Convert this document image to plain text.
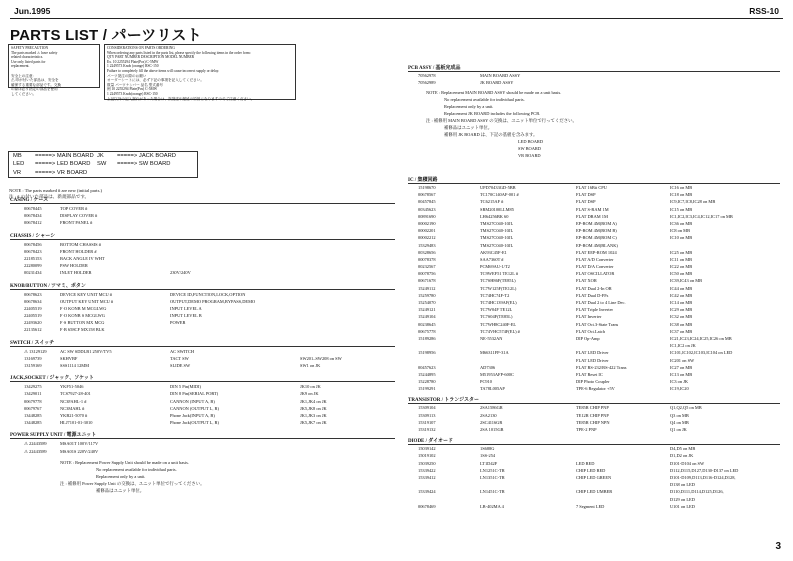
Jun.1995	RSS-10
PARTS LIST / パーツリスト
SAFETY PRECAUTION
The parts marked ⚠ have safety
related characteristics.
Use only listed parts for
replacement.

安全上の注意：
⚠ 印が付いた部品は、安全を
確保する重要な部品です。交換
の際は必ず指定の部品を使用
してください。
CONSIDERATIONS ON PARTS ORDERING
When ordering any parts listed in the parts list, please specify the following items in the order form:
QTY PART NUMBER DESCRIPTION MODEL NUMBER
Ex. 10 2255294 Plate(Pos) C-5MW
1 2249573 Knob (orange) RSC-150
Failure to completely fill the above items will cause incorrect supply or delay.
パーツ発注の際のお願い
オーダーシートには、必ず下記の事項を記入してください。
数量 パーツナンバー 品名 型式番号
例 10 2255294 Plate(Pos) C-5MW
1 2249573 Knob(orange) RSC-150
上記以外の記入漏れがあった場合は、誤発送や遅延の原因になりますのでご注意ください。
MB	=====> MAIN BOARD JK	=====> JACK BOARD
LED	=====> LED BOARD	SW	=====> SW BOARD
VR	=====> VR BOARD
NOTE : The parts marked # are new (initial parts.)
注 : # の付いた部品は、新規部品です。
CASING / ケース
00678445	TOP COVER #
00678434	DISPLAY COVER #
00678412	FRONT PANEL #
CHASSIS / シャーシ
00678456	BOTTOM CHASSIS #
00678423	FRONT HOLDER #
22185153	BACK ANGLE IV WHT
22280099	PSW HOLDER
00231434	INLET HOLDER	230V/240V
KNOB/BUTTON / ツマミ、ボタン
00678623	DEVICE KEY UNIT MCU #	DEVICE ID,FUNCTION,LOCK,OPTION
00678634	OUTPUT KEY UNIT MCU #	OUTPUT,DEMO PROGRAM,BYPASS,DEMO
22405519	F·O KONB M MCGLWG	INPUT LEVEL A
22405519	F·O KONB S MCGLWG	INPUT LEVEL B
22493620	F·S BUTTON MX MCG	POWER
22135612	F·B 658CF MX158 BLK
SWITCH / スイッチ
⚠ 13129129	AC SW SDDLB1 250V/TV5	AC SWITCH
13169739	SKHVBF	TACT SW	SW201–SW208 on SW
13159169	SSS1114 12MM	SLIDE SW	SW1 on JK
JACK,SOCKET / ジャック、ソケット
13429275	YKF51-5046	DIN 5 Pin(MIDI)	JK10 on JK
13429011	TCS7927-28-401	DIN 8 Pin(SERIAL PORT)	JK9 on JK
00679778	NC3FAHL-1 #	CANNON (INPUT A, B)	JK1,JK4 on JK
00679767	NC3MAHL #	CANNON (OUTPUT L, R)	JK5,JK8 on JK
13448285	YKB21-5070 #	Phone Jack(INPUT A, B)	JK1,JK3 on JK
13448285	HLJ7101-01-3010	Phone Jack(OUTPUT L, R)	JK5,JK7 on JK
POWER SUPPLY UNIT / 電源ユニット
⚠ 22443589	MSA01T 100V/117V
⚠ 22443589	MSA01S 220V/240V
NOTE : Replacement Power Supply Unit should be made on a unit basis.
No replacement available for individual parts.
Replacement only by a unit.
注 : 補修用 Power Supply Unit の交換は、ユニット単位で行ってください。
補修品はユニット単位。
PCB ASSY / 基板完成品
70562978	MAIN BOARD ASSY
70562989	JK BOARD ASSY
NOTE : Replacement MAIN BOARD ASSY should be made on a unit basis.
No replacement available for individual parts.
Replacement only by a unit.
Replacement JK BOARD includes the following PCB.
注 : 補修用 MAIN BOARD ASSY の交換は、ユニット単位で行ってください。
補修品はユニット単位。
補修用 JK BOARD は、下記の基板を含みます。
LED BOARD
SW BOARD
VR BOARD
IC / 集積回路
15198670	UPD70433GD-5BB	FLAT 16Bit CPU	IC16 on MB
00678567	TC170C140AF-001 #	FLAT DSP	IC18 on MB
00457845	TC6215AF #	FLAT DSP	IC9,IC7,IC8,IC28 on MB
00345623	SRM20100LLM85	FLAT S-RAM 1M	IC15 on MB
00891690	LH64256BK 60	FLAT DRAM 1M	IC1,IC2,IC3,IC4,IC12,IC17 on MB
00002190	TMS27C040-10JL	EP-ROM 4M(ROM A)	IC36 on MB
00002201	TMS27C040-10JL	EP-ROM 4M(ROM B)	IC8 on MB
00002212	TMS27C040-10JL	EP-ROM 4M(ROM C)	IC10 on MB
15329483	TMS27C040-10JL	EP-ROM 4M(BLANK)
00328656	AK93C45F-E1	FLAT EEP-ROM 1024	IC25 on MB
00078378	SAA7360T #	FLAT A/D Converter	IC11 on MB
00232567	PCM69AU-1/T2	FLAT D/A Converter	IC22 on MB
00078756	TC9WEF51 TE12L #	FLAT OSCILLATOR	IC50 on MB
00671678	TC7SH86F(TE85L)	FLAT XOR	IC39,IC43 on MB
15249112	TC7W125F(TE12L)	FLAT Dual 2-In OR	IC44 on MB
15259780	TC74HC74F-T2	FLAT Dual D-FFs	IC42 on MB
15254070	TC74HC139AF(EL)	FLAT Dual 2 to 4 Line Dec.	IC14 on MB
15249121	TC7W04F TE12L	FLAT Triple Inverter	IC29 on MB
15249104	TC7S04F(TE85L)	FLAT Inverter	IC32 on MB
00238645	TC7WH8C240F-EL	FLAT Oct.3-State Trans	IC38 on MB
00675778	TC74VHC574F(EL) #	FLAT Oct.Latch	IC37 on MB
15189286	NE-5532AN	DIP Op-Amp	IC21,IC23,IC24,IC25,IC26 on MB
IC1,IC2 on JK
15198956	M66311FP-31A	FLAT LED Driver	IC101,IC102,IC103,IC104 on LED
FLAT LED Driver	IC201 on SW
00457623	AD7306	FLAT RS-232/RS-422 Trans	IC27 on MB
15244895	M51953AFP-600C	FLAT Reset IC	IC13 on MB
15228780	PC910	DIP Photo Coupler	IC3 on JK
15199291	TA78L005AP	TPE-6 Regulator +5V	IC19,IC20
TRANSISTOR / トランジスター
15309104	2SA1586GR	TE85R CHIP PNP	Q1,Q2,Q5 on MB
15309113	2SA2130	TE12R CHIP PNP	Q3 on MB
15319107	2SC4116GR	TE85R CHIP NPN	Q4 on MB
15319132	2SA 1015GR	TPE-2 PNP	Q1 on JK
DIODE / ダイオード
15039142	1S688G	D4,D5 on MB
15019102	1SS-254	D1,D2 on JK
15039250	LT1D42F	LED RED	D101-D104 on SW
15339422	LN1251C-TR	CHIP LED RED	D112,D115,D127,D130-D137 on LED
15339412	LN1351C-TR	CHIP LED GREEN	D101-D109,D113,D116-D124,D128,
D138 on LED
15339424	LN1451C-TR	CHIP LED UMBER	D110,D111,D114,D125,D126,
D129 on LED
00678469	LB-402MA 4	7 Segment LED	U101 on LED
3
